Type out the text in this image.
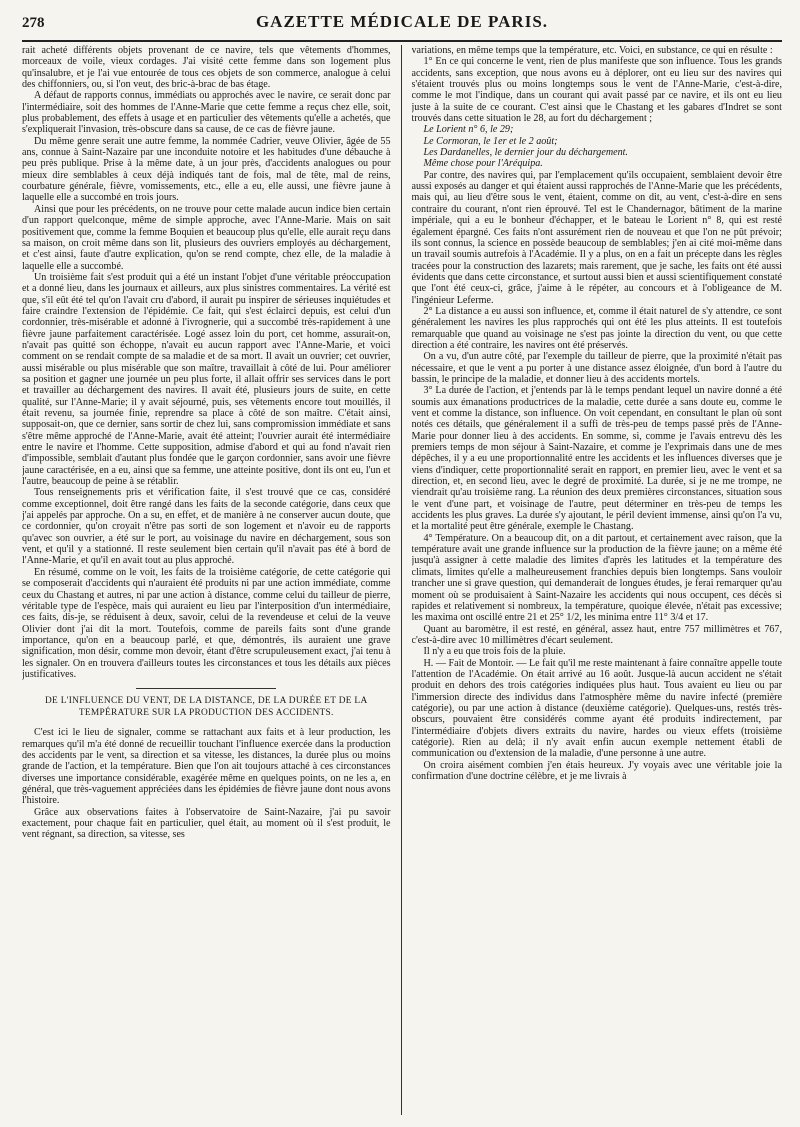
278	GAZETTE MÉDICALE DE PARIS.

rait acheté différents objets provenant de ce navire, tels que vêtements d'hommes, morceaux de voile, vieux cordages. J'ai visité cette femme dans son logement plus qu'insalubre, et je l'ai vue entourée de tous ces objets de son commerce, analogue à celui des chiffonniers, ou, si l'on veut, des bric-à-brac de bas étage.

A défaut de rapports connus, immédiats ou approchés avec le navire, ce serait donc par l'intermédiaire, soit des hommes de l'Anne-Marie que cette femme a reçus chez elle, soit, plus probablement, des effets à usage et en particulier des vêtements qu'elle a achetés, que s'expliquerait l'invasion, très-obscure dans sa cause, de ce cas de fièvre jaune.

Du même genre serait une autre femme, la nommée Cadrier, veuve Olivier, âgée de 55 ans, connue à Saint-Nazaire par une inconduite notoire et les habitudes d'une débauche à peu près publique. Prise à la même date, à un jour près, d'accidents analogues ou pour mieux dire semblables à ceux déjà indiqués tant de fois, mal de tête, mal de reins, courbature générale, fièvre, vomissements, etc., elle a eu, elle aussi, une fièvre jaune à laquelle elle a succombé en trois jours.

Ainsi que pour les précédents, on ne trouve pour cette malade aucun indice bien certain d'un rapport quelconque, même de simple approche, avec l'Anne-Marie. Mais on sait positivement que, comme la femme Boquien et beaucoup plus qu'elle, elle aurait reçu dans sa maison, on croit même dans son lit, plusieurs des ouvriers employés au déchargement, et c'est ainsi, faute d'autre explication, qu'on se rend compte, chez elle, de la maladie à laquelle elle a succombé.

Un troisième fait s'est produit qui a été un instant l'objet d'une véritable préoccupation et a donné lieu, dans les journaux et ailleurs, aux plus sinistres commentaires. La vérité est que, s'il eût été tel qu'on l'avait cru d'abord, il aurait pu inspirer de sérieuses inquiétudes et faire craindre l'extension de l'épidémie. Ce fait, qui s'est éclairci depuis, est celui d'un cordonnier, très-misérable et adonné à l'ivrognerie, qui a succombé très-rapidement à une fièvre jaune parfaitement caractérisée. Logé assez loin du port, cet homme, assurait-on, n'avait pas quitté son échoppe, n'avait eu aucun rapport avec l'Anne-Marie, et voici comment on se rendait compte de sa maladie et de sa mort. Il avait un ouvrier; cet ouvrier, aussi misérable ou plus misérable que son maître, travaillait à côté de lui. Pour améliorer sa position et gagner une journée un peu plus forte, il allait offrir ses services dans le port et travailler au déchargement des navires. Il avait été, plusieurs jours de suite, en cette qualité, sur l'Anne-Marie; il y avait séjourné, puis, ses vêtements encore tout mouillés, il était revenu, sa journée finie, reprendre sa place à côté de son maître. C'était ainsi, supposait-on, que ce dernier, sans sortir de chez lui, sans compromission immédiate et sans s'être même approché de l'Anne-Marie, avait été atteint; l'ouvrier aurait été intermédiaire entre le navire et l'homme. Cette supposition, admise d'abord et qui au fond n'avait rien d'impossible, semblait d'autant plus fondée que le garçon cordonnier, sans avoir une fièvre jaune caractérisée, en a eu, ainsi que sa femme, une atteinte positive, dont ils ont eu, l'un et l'autre, beaucoup de peine à se rétablir.

Tous renseignements pris et vérification faite, il s'est trouvé que ce cas, considéré comme exceptionnel, doit être rangé dans les faits de la seconde catégorie, dans ceux que j'ai appelés par approche. On a su, en effet, et de manière à ne conserver aucun doute, que ce cordonnier, qu'on croyait n'être pas sorti de son logement et n'avoir eu de rapports qu'avec son ouvrier, a été sur le port, au voisinage du navire en déchargement, sous son vent, et qu'il y a stationné. Il reste seulement bien certain qu'il n'avait pas été à bord de l'Anne-Marie, et qu'il en avait tout au plus approché.

En résumé, comme on le voit, les faits de la troisième catégorie, de cette catégorie qui se composerait d'accidents qui n'auraient été produits ni par une action immédiate, comme ceux du Chastang et autres, ni par une action à distance, comme celui du tailleur de pierre, véritable type de l'espèce, mais qui auraient eu lieu par l'interposition d'un intermédiaire, ces faits, dis-je, se réduisent à deux, savoir, celui de la revendeuse et celui de la veuve Olivier dont j'ai dit la mort. Toutefois, comme de pareils faits sont d'une grande importance, qu'on en a beaucoup parlé, et que, démontrés, ils auraient une grave signification, mon désir, comme mon devoir, étant d'être scrupuleusement exact, j'ai tenu à les signaler. On en trouvera d'ailleurs toutes les circonstances et tous les détails aux pièces justificatives.

DE L'INFLUENCE DU VENT, DE LA DISTANCE, DE LA DURÉE ET DE LA
TEMPÉRATURE SUR LA PRODUCTION DES ACCIDENTS.

C'est ici le lieu de signaler, comme se rattachant aux faits et à leur production, les remarques qu'il m'a été donné de recueillir touchant l'influence exercée dans la production des accidents par le vent, sa direction et sa vitesse, les distances, la durée plus ou moins grande de l'action, et la température. Bien que l'on ait toujours attaché à ces circonstances diverses une importance considérable, exagérée même en quelques points, on ne les a, en général, que très-vaguement appréciées dans les épidémies de fièvre jaune dont nous avons l'histoire.

Grâce aux observations faites à l'observatoire de Saint-Nazaire, j'ai pu savoir exactement, pour chaque fait en particulier, quel était, au moment où il s'est produit, le vent régnant, sa direction, sa vitesse, ses

variations, en même temps que la température, etc. Voici, en substance, ce qui en résulte :

1° En ce qui concerne le vent, rien de plus manifeste que son influence. Tous les grands accidents, sans exception, que nous avons eu à déplorer, ont eu lieu sur des navires qui s'étaient trouvés plus ou moins longtemps sous le vent de l'Anne-Marie, c'est-à-dire, comme le mot l'indique, dans un courant qui avait passé par ce navire, et ils ont eu lieu juste à la suite de ce courant. C'est ainsi que le Chastang et les gabares d'Indret se sont trouvés dans cette situation le 28, au fort du déchargement ;

Le Lorient n° 6, le 29;

Le Cormoran, le 1er et le 2 août;

Les Dardanelles, le dernier jour du déchargement.

Même chose pour l'Aréquipa.

Par contre, des navires qui, par l'emplacement qu'ils occupaient, semblaient devoir être aussi exposés au danger et qui étaient aussi rapprochés de l'Anne-Marie que les précédents, mais qui, au lieu d'être sous le vent, étaient, comme on dit, au vent, c'est-à-dire en sens contraire du courant, n'ont rien éprouvé. Tel est le Chandernagor, bâtiment de la marine impériale, qui a eu le bonheur d'échapper, et le bateau le Lorient n° 8, qui est resté également épargné. Ces faits n'ont assurément rien de nouveau et que l'on ne pût prévoir; ils sont connus, la science en possède beaucoup de semblables; j'en ai cité moi-même dans un travail soumis autrefois à l'Académie. Il y a plus, on en a fait un précepte dans les règles tracées pour la construction des lazarets; mais rarement, que je sache, les faits ont été aussi évidents que dans cette circonstance, et surtout aussi bien et aussi scientifiquement constaté que l'ont été ceux-ci, grâce, j'aime à le répéter, au concours et à l'obligeance de M. l'ingénieur Leferme.

2° La distance a eu aussi son influence, et, comme il était naturel de s'y attendre, ce sont généralement les navires les plus rapprochés qui ont été les plus atteints. Il est toutefois remarquable que quand au voisinage ne s'est pas jointe la direction du vent, ou que cette direction a été contraire, les navires ont été préservés.

On a vu, d'un autre côté, par l'exemple du tailleur de pierre, que la proximité n'était pas nécessaire, et que le vent a pu porter à une distance assez éloignée, d'un bord à l'autre du bassin, le principe de la maladie, et donner lieu à des accidents mortels.

3° La durée de l'action, et j'entends par là le temps pendant lequel un navire donné a été soumis aux émanations productrices de la maladie, cette durée a sans doute eu, comme le vent et comme la distance, son influence. On voit cependant, en consultant le plan où sont notés ces détails, que généralement il a suffi de très-peu de temps passé près de l'Anne-Marie pour donner lieu à des accidents. En somme, si, comme je l'avais entrevu dès les premiers temps de mon séjour à Saint-Nazaire, et comme je l'exprimais dans une de mes dépêches, il y a eu une proportionnalité entre les accidents et les influences diverses que je viens d'indiquer, cette proportionnalité serait en rapport, en premier lieu, avec le vent et sa direction, et, en second lieu, avec le degré de proximité. La durée, si je ne me trompe, ne viendrait qu'au troisième rang. La réunion des deux premières circonstances, situation sous le vent d'une part, et voisinage de l'autre, peut déterminer en très-peu de temps les accidents les plus graves. La durée s'y ajoutant, le péril devient immense, ainsi qu'on l'a vu, et la mortalité peut être générale, exemple le Chastang.

4° Température. On a beaucoup dit, on a dit partout, et certainement avec raison, que la température avait une grande influence sur la production de la fièvre jaune; on a même été jusqu'à assigner à cette maladie des limites d'après les latitudes et la température des climats, limites qu'elle a malheureusement franchies depuis bien longtemps. Sans vouloir trancher une si grave question, qui demanderait de longues études, je ferai remarquer qu'au moment où se produisaient à Saint-Nazaire les accidents qui nous occupent, ces décès si rapides et relativement si nombreux, la température, quoique élevée, n'était pas excessive; les maxima ont oscillé entre 21 et 25° 1/2, les minima entre 11° 3/4 et 17.

Quant au baromètre, il est resté, en général, assez haut, entre 757 millimètres et 767, c'est-à-dire avec 10 millimètres d'écart seulement.

Il n'y a eu que trois fois de la pluie.

H. — Fait de Montoir. — Le fait qu'il me reste maintenant à faire connaître appelle toute l'attention de l'Académie. On était arrivé au 16 août. Jusque-là aucun accident ne s'était produit en dehors des trois catégories indiquées plus haut. Tous avaient eu lieu ou par l'immersion directe des individus dans l'atmosphère même du navire infecté (première catégorie), ou par une action à distance (deuxième catégorie). Quelques-uns, restés très-obscurs, pouvaient être considérés comme ayant été produits indirectement, par l'intermédiaire d'objets divers extraits du navire, hardes ou vieux effets (troisième catégorie). Rien au delà; il n'y avait enfin aucun exemple nettement établi de communication ou d'extension de la maladie, d'une personne à une autre.

On croira aisément combien j'en étais heureux. J'y voyais avec une véritable joie la confirmation d'une doctrine célèbre, et je me livrais à
